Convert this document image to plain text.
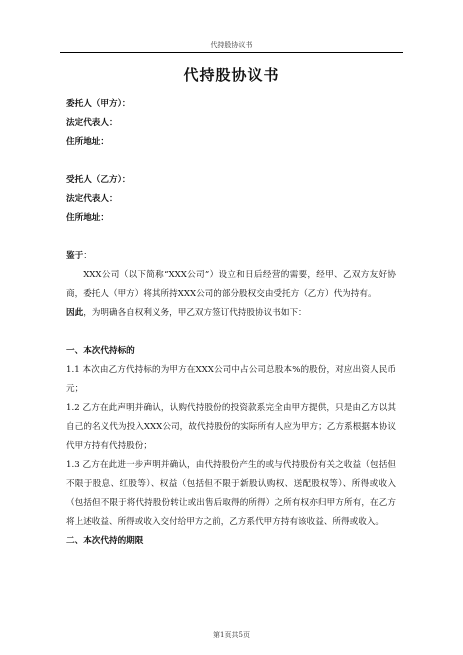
代持股协议书
代持股协议书
委托人（甲方）：
法定代表人：
住所地址：
受托人（乙方）：
法定代表人：
住所地址：
鉴于：
XXX公司（以下简称“XXX公司”）设立和日后经营的需要，经甲、乙双方友好协商，委托人（甲方）将其所持XXX公司的部分股权交由受托方（乙方）代为持有。
因此，为明确各自权利义务，甲乙双方签订代持股协议书如下：
一、本次代持标的
1.1 本次由乙方代持标的为甲方在XXX公司中占公司总股本%的股份，对应出资人民币元；
1.2 乙方在此声明并确认，认购代持股份的投资款系完全由甲方提供，只是由乙方以其自己的名义代为投入XXX公司，故代持股份的实际所有人应为甲方；乙方系根据本协议代甲方持有代持股份；
1.3 乙方在此进一步声明并确认，由代持股份产生的或与代持股份有关之收益（包括但不限于股息、红股等）、权益（包括但不限于新股认购权、送配股权等）、所得或收入（包括但不限于将代持股份转让或出售后取得的所得）之所有权亦归甲方所有，在乙方将上述收益、所得或收入交付给甲方之前，乙方系代甲方持有该收益、所得或收入。
二、本次代持的期限
第1页共5页
